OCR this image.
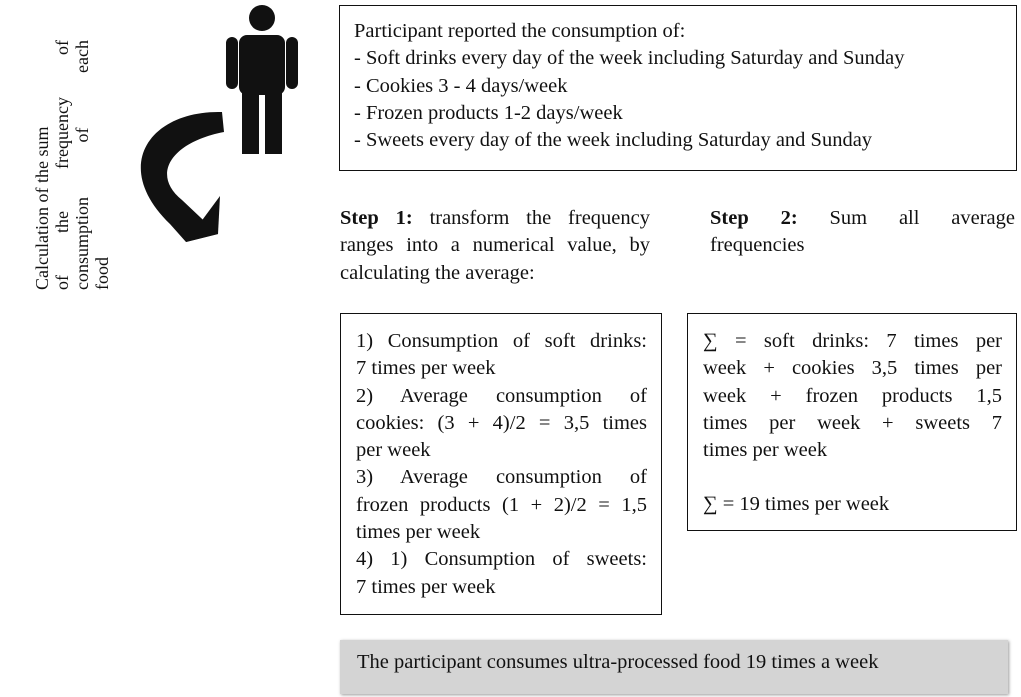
Calculation of the sum of the frequency of consumption of each food
Participant reported the consumption of:
- Soft drinks every day of the week including Saturday and Sunday
- Cookies 3 - 4 days/week
- Frozen products 1-2 days/week
- Sweets every day of the week including Saturday and Sunday
Step 1: transform the frequency
ranges into a numerical value, by
calculating the average:
Step 2: Sum all average
frequencies
1) Consumption of soft drinks:
7 times per week
2) Average consumption of
cookies: (3 + 4)/2 = 3,5 times
per week
3) Average consumption of
frozen products (1 + 2)/2 = 1,5
times per week
4) 1) Consumption of sweets:
7 times per week
∑ = soft drinks: 7 times per
week + cookies 3,5 times per
week + frozen products 1,5
times per week + sweets 7
times per week
∑ = 19 times per week
The participant consumes ultra-processed food 19 times a week
